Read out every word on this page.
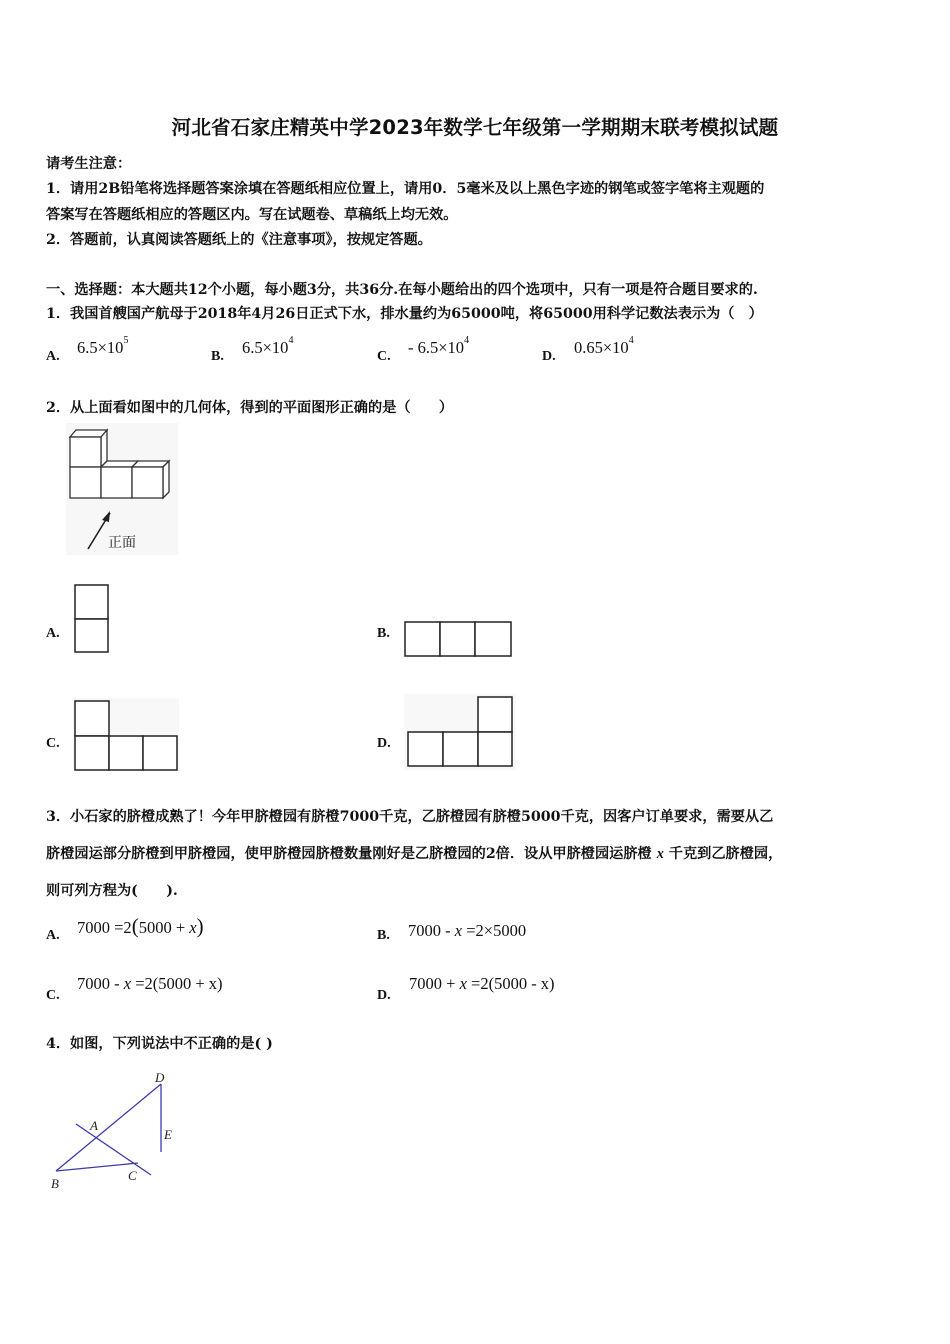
河北省石家庄精英中学2023年数学七年级第一学期期末联考模拟试题
请考生注意：
1．请用2B铅笔将选择题答案涂填在答题纸相应位置上，请用0．5毫米及以上黑色字迹的钢笔或签字笔将主观题的
答案写在答题纸相应的答题区内。写在试题卷、草稿纸上均无效。
2．答题前，认真阅读答题纸上的《注意事项》，按规定答题。
一、选择题：本大题共12个小题，每小题3分，共36分.在每小题给出的四个选项中，只有一项是符合题目要求的.
1．我国首艘国产航母于2018年4月26日正式下水，排水量约为65000吨，将65000用科学记数法表示为（　）
A. $6.5\times 10^5$
B. $6.5\times 10^4$
C. - $6.5\times 10^4$
D. $0.65\times 10^4$
2．从上面看如图中的几何体，得到的平面图形正确的是（　　）
正面
A.	B.
C.	D.
3．小石家的脐橙成熟了！今年甲脐橙园有脐橙7000千克，乙脐橙园有脐橙5000千克，因客户订单要求，需要从乙
脐橙园运部分脐橙到甲脐橙园，使甲脐橙园脐橙数量刚好是乙脐橙园的2倍．设从甲脐橙园运脐橙 x 千克到乙脐橙园，
则可列方程为(　　).
A. 7000 =2(5000 + x)	B. 7000 - x =2×5000
C.
7000 - x =2(5000 + x)
D.
7000 + x =2(5000 - x)
4．如图，下列说法中不正确的是( )
D
A
E
B
C
